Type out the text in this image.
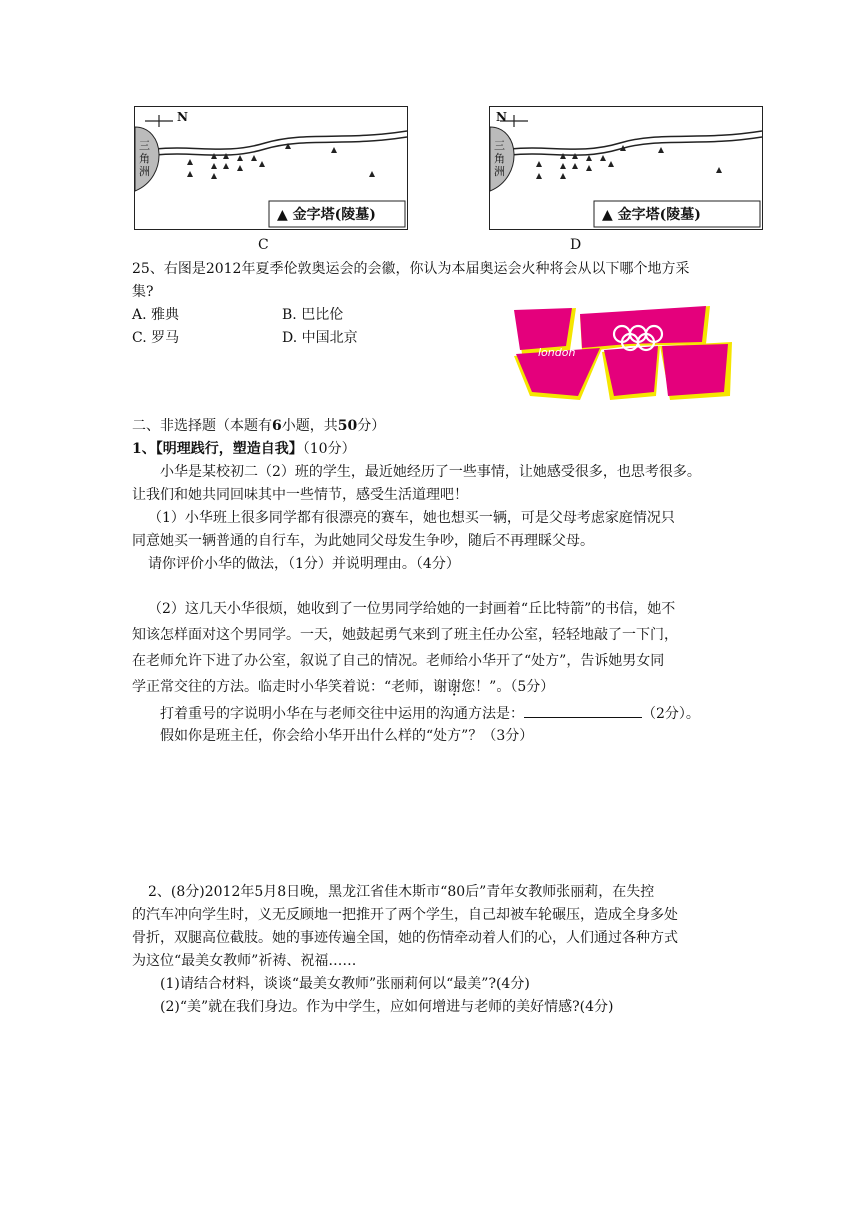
N
三角洲
▲ 金字塔(陵墓)
C
N
三角洲
▲ 金字塔(陵墓)
D
25、右图是2012年夏季伦敦奥运会的会徽，你认为本届奥运会火种将会从以下哪个地方采
集?
A. 雅典	B. 巴比伦
C. 罗马	D. 中国北京
london
二、非选择题（本题有6小题，共50分）
1、【明理践行，塑造自我】（10分）
小华是某校初二（2）班的学生，最近她经历了一些事情，让她感受很多，也思考很多。
让我们和她共同回味其中一些情节，感受生活道理吧！
（1）小华班上很多同学都有很漂亮的赛车，她也想买一辆，可是父母考虑家庭情况只
同意她买一辆普通的自行车，为此她同父母发生争吵，随后不再理睬父母。
请你评价小华的做法，（1分）并说明理由。（4分）
（2）这几天小华很烦，她收到了一位男同学给她的一封画着“丘比特箭”的书信，她不
知该怎样面对这个男同学。一天，她鼓起勇气来到了班主任办公室，轻轻地敲了一下门，
在老师允许下进了办公室，叙说了自己的情况。老师给小华开了“处方”，告诉她男女同
学正常交往的方法。临走时小华笑着说：“老师，谢谢您！”。（5分）
打着重号的字说明小华在与老师交往中运用的沟通方法是：	（2分）。
假如你是班主任，你会给小华开出什么样的“处方”？（3分）
2、(8分)2012年5月8日晚，黑龙江省佳木斯市“80后”青年女教师张丽莉，在失控
的汽车冲向学生时，义无反顾地一把推开了两个学生，自己却被车轮碾压，造成全身多处
骨折，双腿高位截肢。她的事迹传遍全国，她的伤情牵动着人们的心，人们通过各种方式
为这位“最美女教师”祈祷、祝福……
(1)请结合材料，谈谈“最美女教师”张丽莉何以“最美”?(4分)
(2)“美”就在我们身边。作为中学生，应如何增进与老师的美好情感?(4分)
